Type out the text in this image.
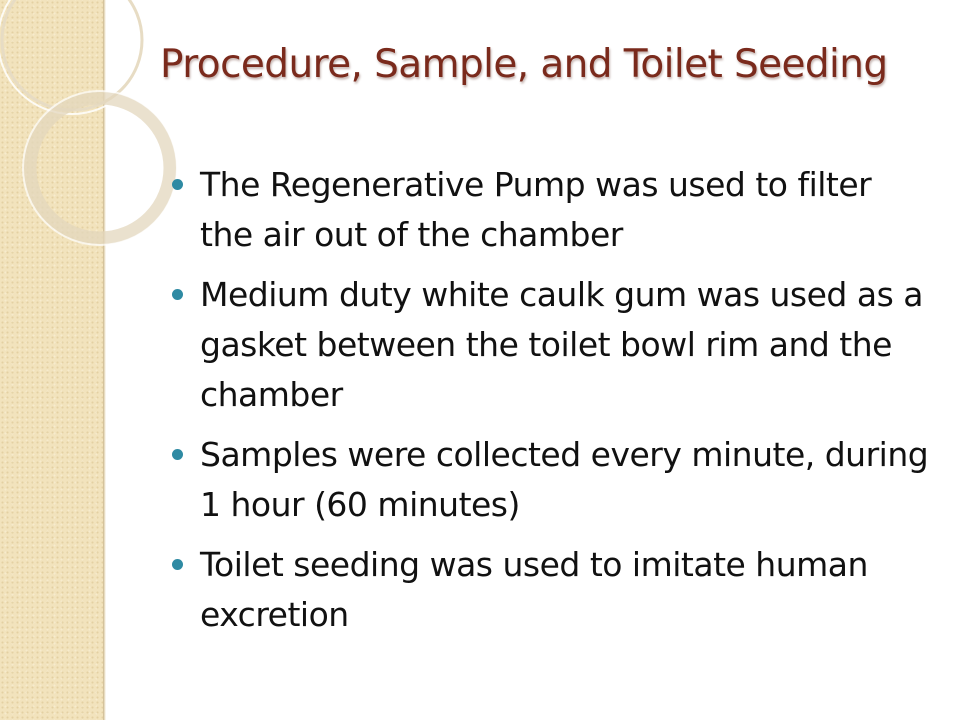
Procedure, Sample, and Toilet Seeding
The Regenerative Pump was used to filter the air out of the chamber
Medium duty white caulk gum was used as a gasket between the toilet bowl rim and the chamber
Samples were collected every minute, during 1 hour (60 minutes)
Toilet seeding was used to imitate human excretion
